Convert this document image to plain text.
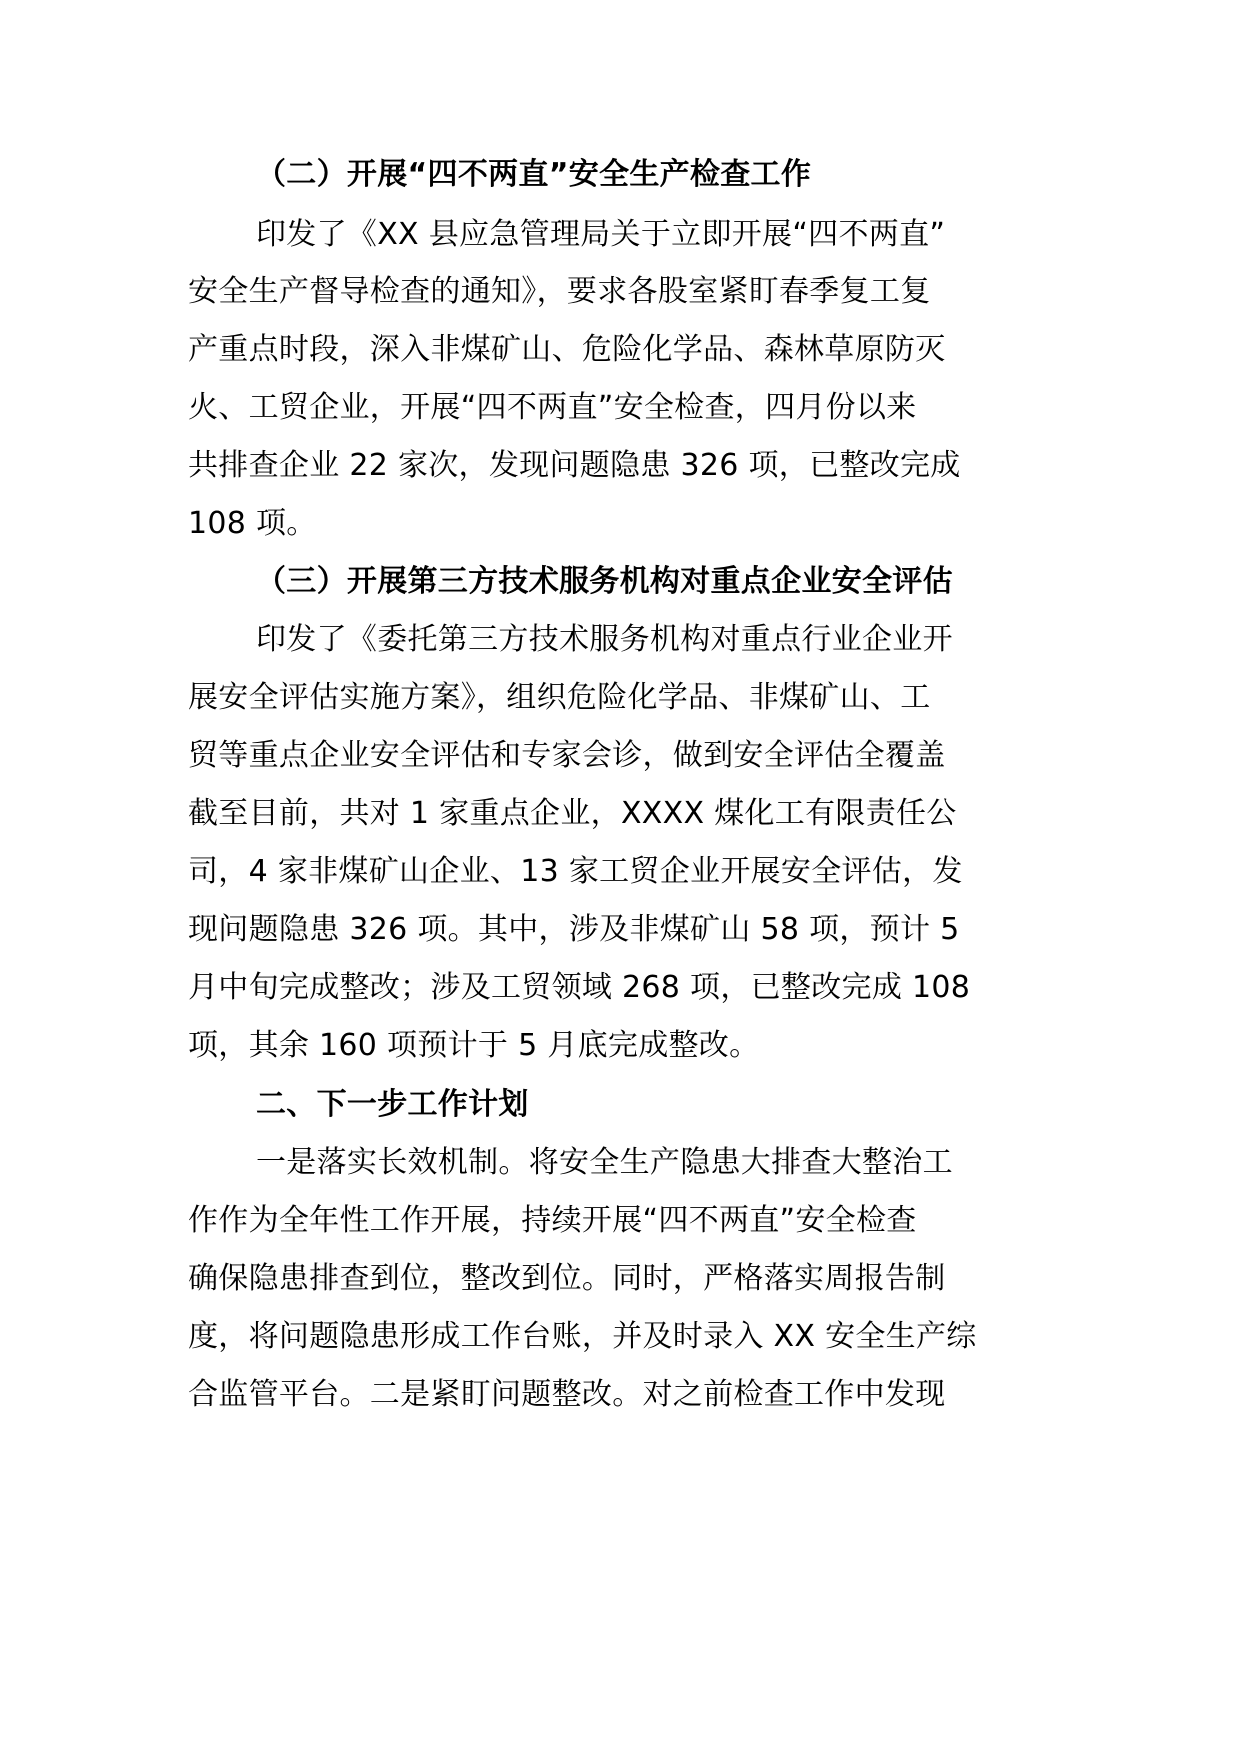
（二）开展“四不两直”安全生产检查工作
印发了《XX 县应急管理局关于立即开展“四不两直”
安全生产督导检查的通知》，要求各股室紧盯春季复工复
产重点时段，深入非煤矿山、危险化学品、森林草原防灭
火、工贸企业，开展“四不两直”安全检查，四月份以来
共排查企业 22 家次，发现问题隐患 326 项，已整改完成
108 项。
（三）开展第三方技术服务机构对重点企业安全评估
印发了《委托第三方技术服务机构对重点行业企业开
展安全评估实施方案》，组织危险化学品、非煤矿山、工
贸等重点企业安全评估和专家会诊，做到安全评估全覆盖
截至目前，共对 1 家重点企业，XXXX 煤化工有限责任公
司，4 家非煤矿山企业、13 家工贸企业开展安全评估，发
现问题隐患 326 项。其中，涉及非煤矿山 58 项，预计 5
月中旬完成整改；涉及工贸领域 268 项，已整改完成 108
项，其余 160 项预计于 5 月底完成整改。
二、下一步工作计划
一是落实长效机制。将安全生产隐患大排查大整治工
作作为全年性工作开展，持续开展“四不两直”安全检查
确保隐患排查到位，整改到位。同时，严格落实周报告制
度，将问题隐患形成工作台账，并及时录入 XX 安全生产综
合监管平台。二是紧盯问题整改。对之前检查工作中发现
